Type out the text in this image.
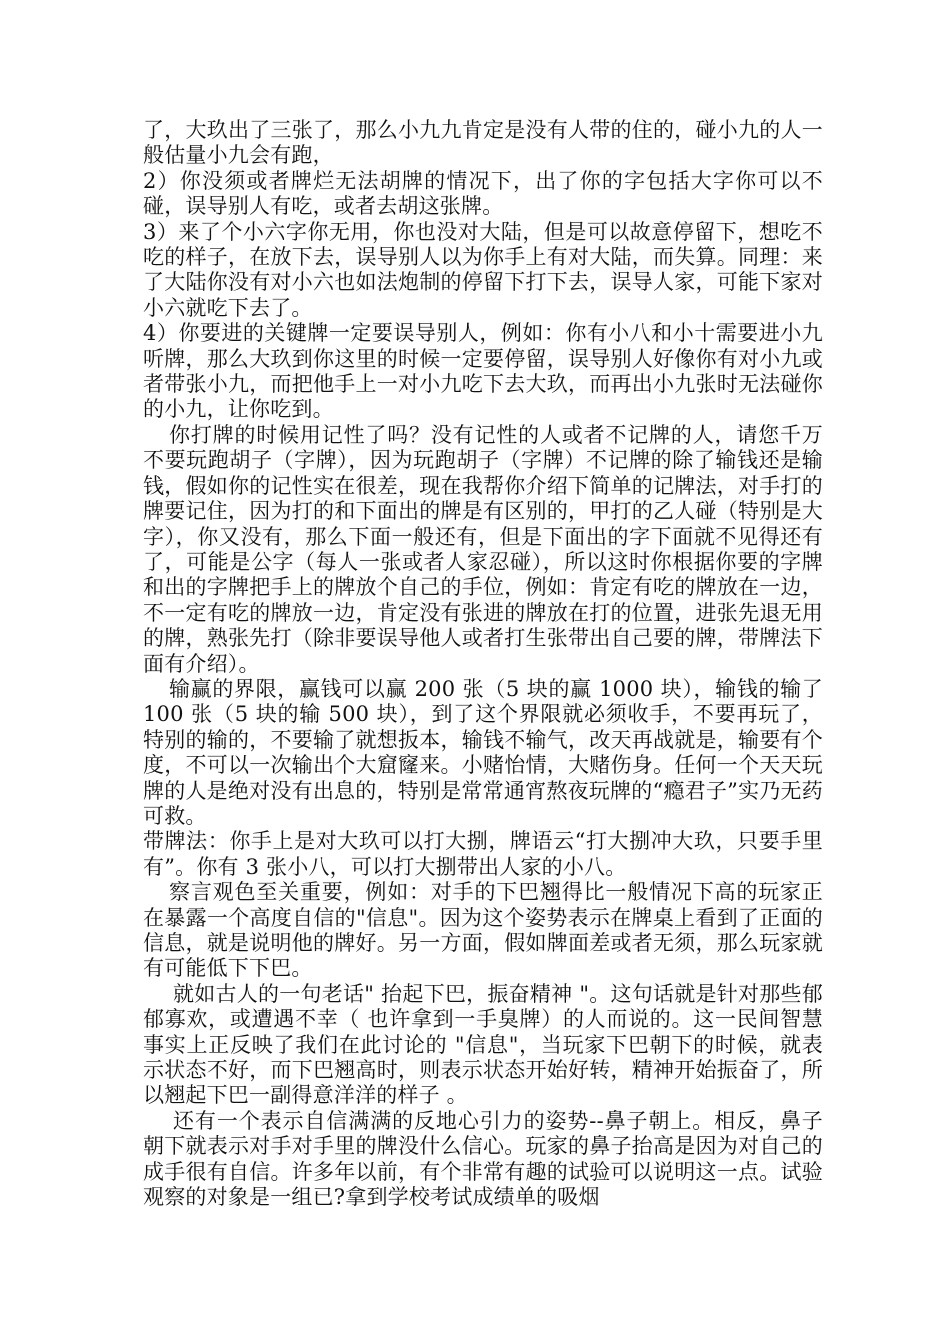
了，大玖出了三张了，那么小九九肯定是没有人带的住的，碰小九的人一般估量小九会有跑，

2）你没须或者牌烂无法胡牌的情况下，出了你的字包括大字你可以不碰，误导别人有吃，或者去胡这张牌。

3）来了个小六字你无用，你也没对大陆，但是可以故意停留下，想吃不吃的样子，在放下去，误导别人以为你手上有对大陆，而失算。同理：来了大陆你没有对小六也如法炮制的停留下打下去，误导人家，可能下家对小六就吃下去了。

4）你要进的关键牌一定要误导别人，例如：你有小八和小十需要进小九听牌，那么大玖到你这里的时候一定要停留，误导别人好像你有对小九或者带张小九，而把他手上一对小九吃下去大玖，而再出小九张时无法碰你的小九，让你吃到。

你打牌的时候用记性了吗？没有记性的人或者不记牌的人，请您千万不要玩跑胡子（字牌），因为玩跑胡子（字牌）不记牌的除了输钱还是输钱，假如你的记性实在很差，现在我帮你介绍下简单的记牌法，对手打的牌要记住，因为打的和下面出的牌是有区别的，甲打的乙人碰（特别是大字），你又没有，那么下面一般还有，但是下面出的字下面就不见得还有了，可能是公字（每人一张或者人家忍碰），所以这时你根据你要的字牌和出的字牌把手上的牌放个自己的手位，例如：肯定有吃的牌放在一边，不一定有吃的牌放一边，肯定没有张进的牌放在打的位置，进张先退无用的牌，熟张先打（除非要误导他人或者打生张带出自己要的牌，带牌法下面有介绍）。

输赢的界限，赢钱可以赢 200 张（5 块的赢 1000 块），输钱的输了 100 张（5 块的输 500 块），到了这个界限就必须收手，不要再玩了，特别的输的，不要输了就想扳本，输钱不输气，改天再战就是，输要有个度，不可以一次输出个大窟窿来。小赌怡情，大赌伤身。任何一个天天玩牌的人是绝对没有出息的，特别是常常通宵熬夜玩牌的“瘾君子”实乃无药可救。

带牌法：你手上是对大玖可以打大捌，牌语云“打大捌冲大玖，只要手里有”。你有 3 张小八，可以打大捌带出人家的小八。

察言观色至关重要，例如：对手的下巴翘得比一般情况下高的玩家正在暴露一个高度自信的"信息"。因为这个姿势表示在牌桌上看到了正面的信息，就是说明他的牌好。另一方面，假如牌面差或者无须，那么玩家就有可能低下下巴。

就如古人的一句老话" 抬起下巴，振奋精神 "。这句话就是针对那些郁郁寡欢，或遭遇不幸（ 也许拿到一手臭牌）的人而说的。这一民间智慧事实上正反映了我们在此讨论的 "信息"，当玩家下巴朝下的时候，就表示状态不好，而下巴翘高时，则表示状态开始好转，精神开始振奋了，所以翘起下巴一副得意洋洋的样子 。

还有一个表示自信满满的反地心引力的姿势--鼻子朝上。相反，鼻子朝下就表示对手对手里的牌没什么信心。玩家的鼻子抬高是因为对自己的成手很有自信。许多年以前，有个非常有趣的试验可以说明这一点。试验观察的对象是一组已?拿到学校考试成绩单的吸烟
